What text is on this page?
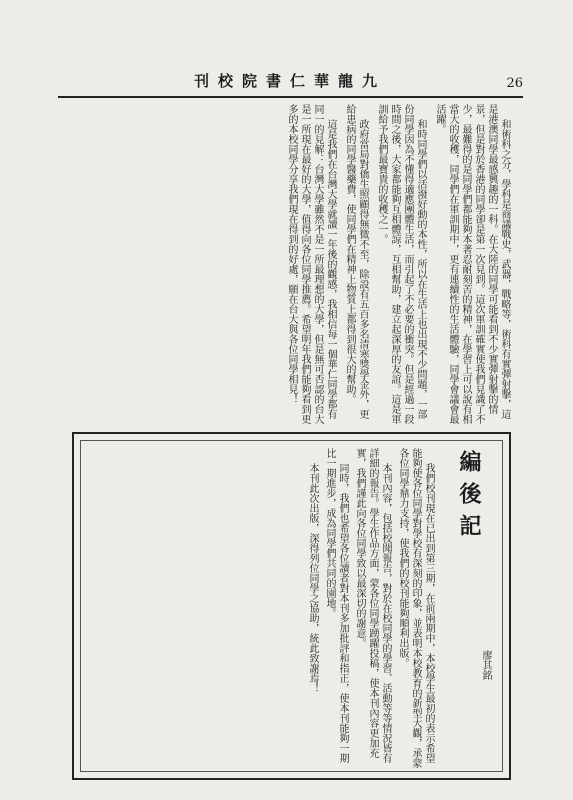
刊校院書仁華龍九	26

和術科之分，學科是商議戰史，武器，戰略等，術科有實彈射擊，這是港澳同學最感興趣的一科。在大陸的同學可能看到不少實彈射擊的情景，但是對於香港的同學卻是第一次見到。這次軍訓確實使我們見識了不少，最難得的是同學們都能夠本著忍耐刻苦的精神，在學習上可以說有相當大的收穫，同學們在軍訓期中，更有連續性的生活體驗，同學會議會最活躍。

和時同學們以活潑好動的本性，所以在生活上也出現不少問題，一部份同學因為不懂得適應團體生活，而引起了不必要的衝突。但是經過一段時間之後，大家都能夠互相體諒，互相幫助，建立起深厚的友誼。這是軍訓給予我們最寶貴的收穫之一。

政府當局對僑生照顧得無微不至，除設有五百多名清寒獎學金外，更給患病的同學醫藥費，使同學們在精神上物質上都得到很大的幫助。

這是我們在台灣大學就讀一年後的觀感，我相信每一個華仁同學都有同一的見解：台灣大學雖然不是一所最理想的大學，但是無可否認的台大是一所現在最好的大學，值得向各位同學推薦。希望明年我們能夠看到更多的本校同學分享我們現在得到的好處，願在台大與各位同學相見！

編後記
廖其銘

我們校刊現在已出到第三期，在前兩期中，本校學生最初的表示希望能夠使各位同學對學校有深刻的印象，並表明本校教育的新型大觀，承蒙各位同學鼎力支持，使我們的校刊能夠順利出版。

本刊內容，包括校聞報告，對於在校同學的學習、活動等等情況皆有詳細的報告。學生作品方面，蒙各位同學踴躍投稿，使本刊內容更加充實，我們謹此向各位同學致以最深切的謝意。

同時，我們也希望各位讀者對本刊多加批評和指正，使本刊能夠一期比一期進步，成為同學們共同的園地。

本刊此次出版，深得列位同學之協助，統此致謝焉！
